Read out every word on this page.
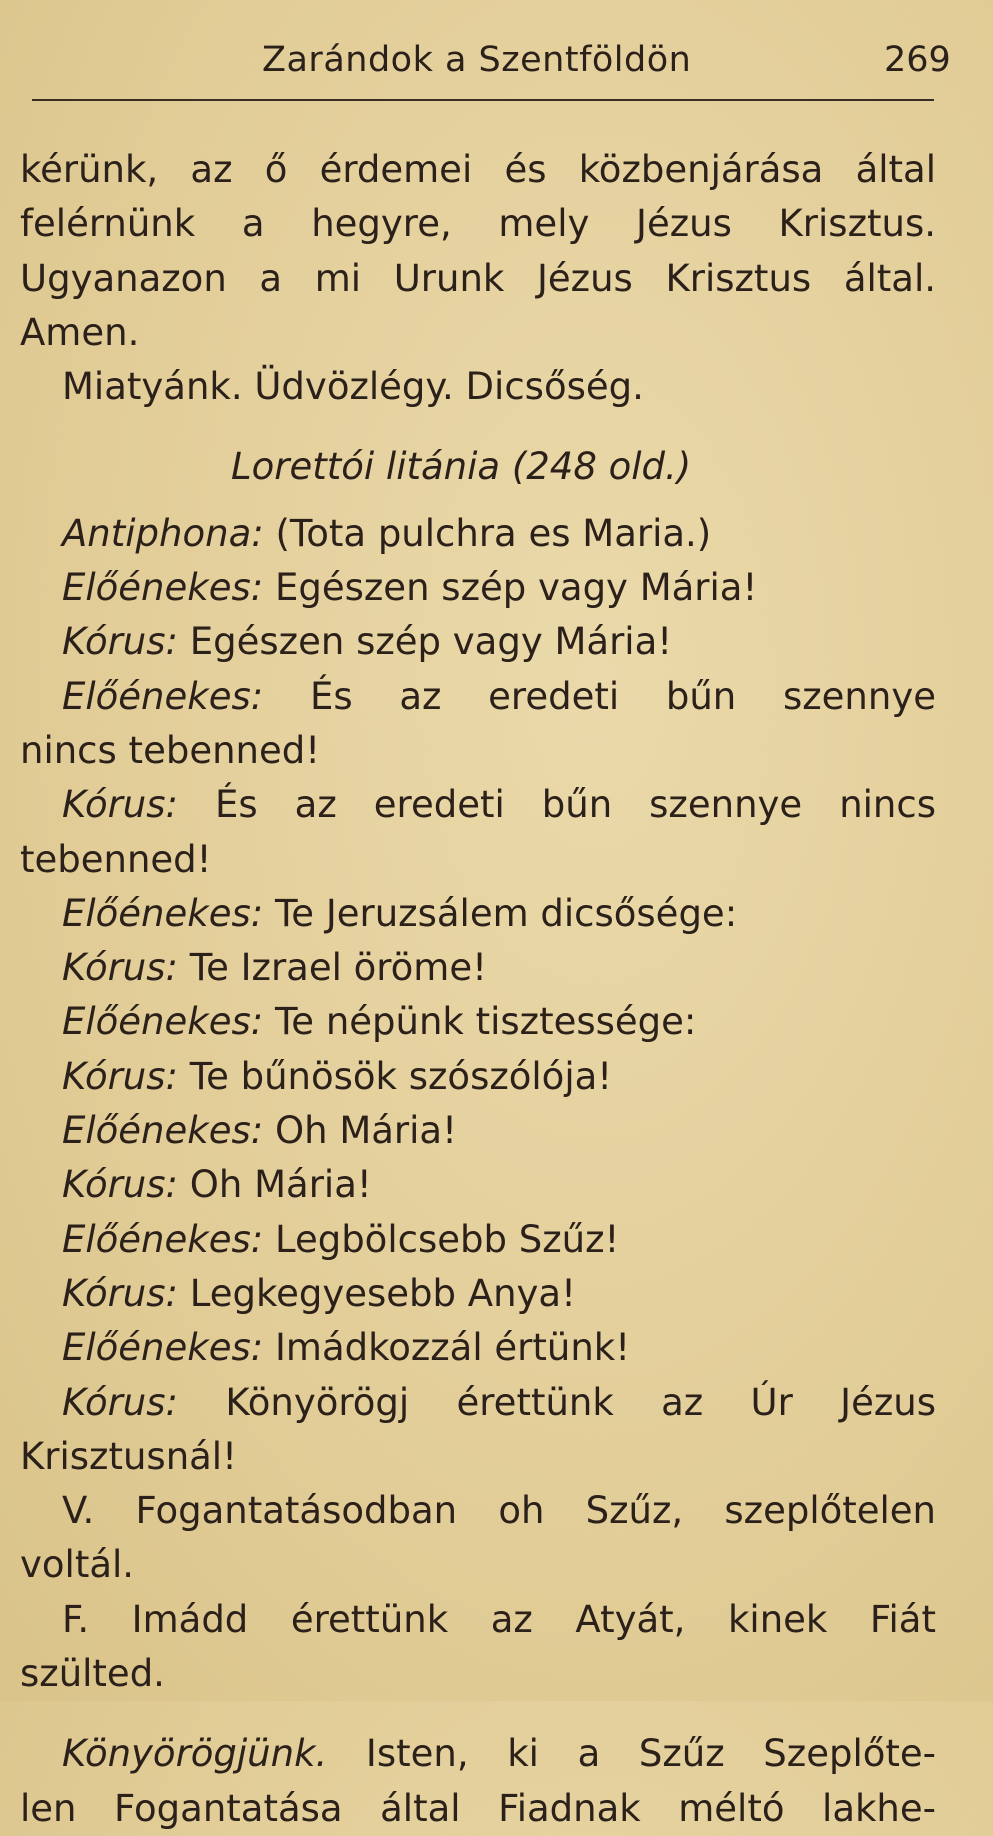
Zarándok a Szentföldön	269
kérünk, az ő érdemei és közbenjárása által
felérnünk a hegyre, mely Jézus Krisztus.
Ugyanazon a mi Urunk Jézus Krisztus által.
Amen.
Miatyánk. Üdvözlégy. Dicsőség.
Lorettói litánia (248 old.)
Antiphona: (Tota pulchra es Maria.)
Előénekes: Egészen szép vagy Mária!
Kórus: Egészen szép vagy Mária!
Előénekes: És az eredeti bűn szennye
nincs tebenned!
Kórus: És az eredeti bűn szennye nincs
tebenned!
Előénekes: Te Jeruzsálem dicsősége:
Kórus: Te Izrael öröme!
Előénekes: Te népünk tisztessége:
Kórus: Te bűnösök szószólója!
Előénekes: Oh Mária!
Kórus: Oh Mária!
Előénekes: Legbölcsebb Szűz!
Kórus: Legkegyesebb Anya!
Előénekes: Imádkozzál értünk!
Kórus: Könyörögj érettünk az Úr Jézus
Krisztusnál!
V. Fogantatásodban oh Szűz, szeplőtelen
voltál.
F. Imádd érettünk az Atyát, kinek Fiát
szülted.
Könyörögjünk. Isten, ki a Szűz Szeplőte-
len Fogantatása által Fiadnak méltó lakhe-
